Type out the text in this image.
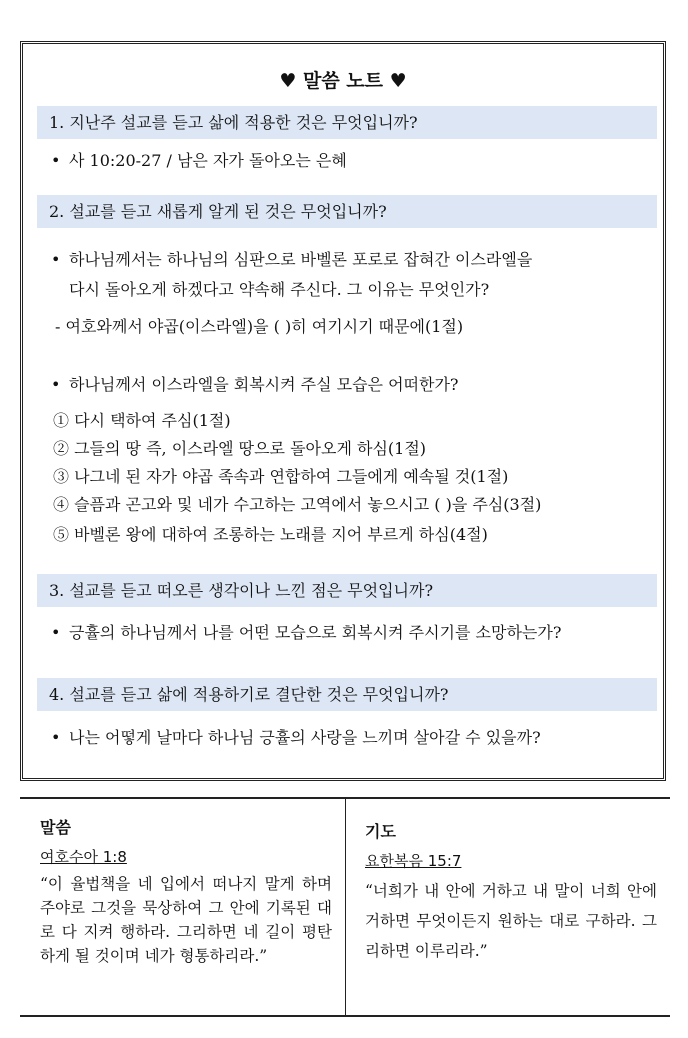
♥ 말씀 노트 ♥
1. 지난주 설교를 듣고 삶에 적용한 것은 무엇입니까?
• 사 10:20-27 / 남은 자가 돌아오는 은혜
2. 설교를 듣고 새롭게 알게 된 것은 무엇입니까?
• 하나님께서는 하나님의 심판으로 바벨론 포로로 잡혀간 이스라엘을
다시 돌아오게 하겠다고 약속해 주신다. 그 이유는 무엇인가?
- 여호와께서 야곱(이스라엘)을 ( )히 여기시기 때문에(1절)
• 하나님께서 이스라엘을 회복시켜 주실 모습은 어떠한가?
① 다시 택하여 주심(1절)
② 그들의 땅 즉, 이스라엘 땅으로 돌아오게 하심(1절)
③ 나그네 된 자가 야곱 족속과 연합하여 그들에게 예속될 것(1절)
④ 슬픔과 곤고와 및 네가 수고하는 고역에서 놓으시고 ( )을 주심(3절)
⑤ 바벨론 왕에 대하여 조롱하는 노래를 지어 부르게 하심(4절)
3. 설교를 듣고 떠오른 생각이나 느낀 점은 무엇입니까?
• 긍휼의 하나님께서 나를 어떤 모습으로 회복시켜 주시기를 소망하는가?
4. 설교를 듣고 삶에 적용하기로 결단한 것은 무엇입니까?
• 나는 어떻게 날마다 하나님 긍휼의 사랑을 느끼며 살아갈 수 있을까?
말씀
여호수아 1:8
“이 율법책을 네 입에서 떠나지 말게 하며 주야로 그것을 묵상하여 그 안에 기록된 대로 다 지켜 행하라. 그리하면 네 길이 평탄하게 될 것이며 네가 형통하리라.”
기도
요한복음 15:7
“너희가 내 안에 거하고 내 말이 너희 안에 거하면 무엇이든지 원하는 대로 구하라. 그리하면 이루리라.”
